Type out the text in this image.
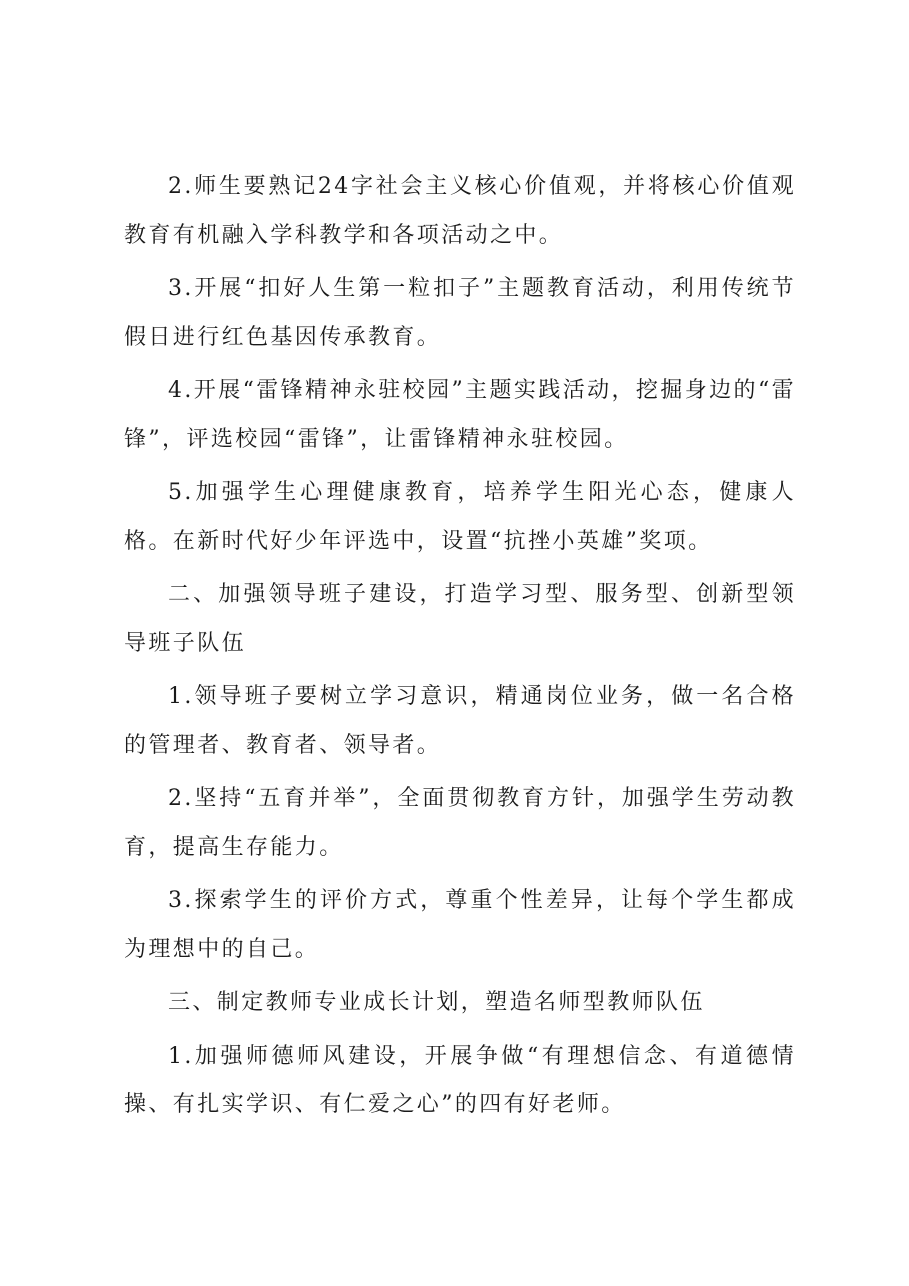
2.师生要熟记24字社会主义核心价值观，并将核心价值观教育有机融入学科教学和各项活动之中。

3.开展“扣好人生第一粒扣子”主题教育活动，利用传统节假日进行红色基因传承教育。

4.开展“雷锋精神永驻校园”主题实践活动，挖掘身边的“雷锋”，评选校园“雷锋”，让雷锋精神永驻校园。

5.加强学生心理健康教育，培养学生阳光心态，健康人格。在新时代好少年评选中，设置“抗挫小英雄”奖项。

二、加强领导班子建设，打造学习型、服务型、创新型领导班子队伍

1.领导班子要树立学习意识，精通岗位业务，做一名合格的管理者、教育者、领导者。

2.坚持“五育并举”，全面贯彻教育方针，加强学生劳动教育，提高生存能力。

3.探索学生的评价方式，尊重个性差异，让每个学生都成为理想中的自己。

三、制定教师专业成长计划，塑造名师型教师队伍

1.加强师德师风建设，开展争做“有理想信念、有道德情操、有扎实学识、有仁爱之心”的四有好老师。
